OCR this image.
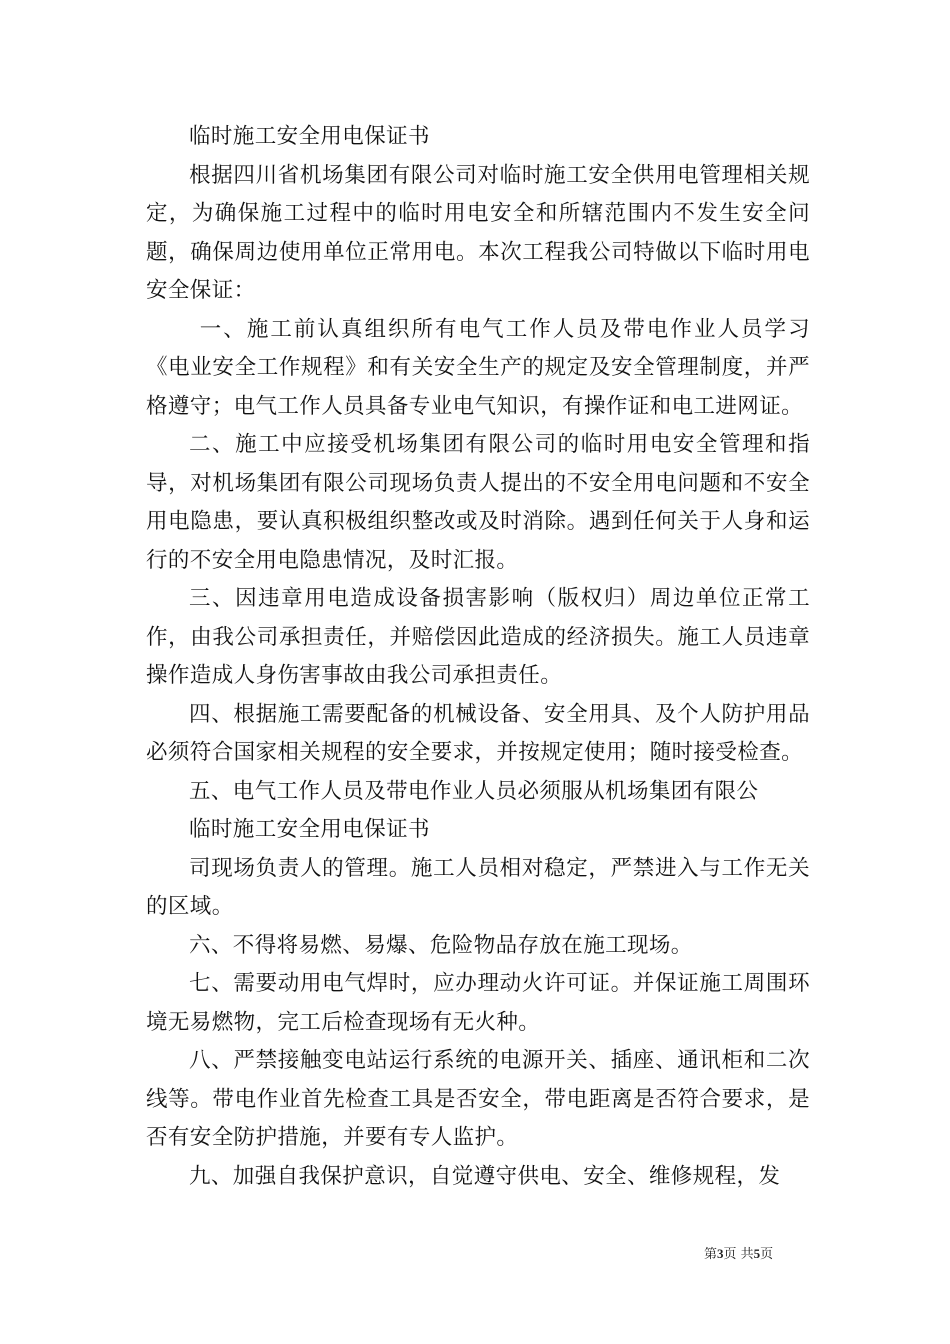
临时施工安全用电保证书

根据四川省机场集团有限公司对临时施工安全供用电管理相关规定，为确保施工过程中的临时用电安全和所辖范围内不发生安全问题，确保周边使用单位正常用电。本次工程我公司特做以下临时用电安全保证：

一、施工前认真组织所有电气工作人员及带电作业人员学习《电业安全工作规程》和有关安全生产的规定及安全管理制度，并严格遵守；电气工作人员具备专业电气知识，有操作证和电工进网证。

二、施工中应接受机场集团有限公司的临时用电安全管理和指导，对机场集团有限公司现场负责人提出的不安全用电问题和不安全用电隐患，要认真积极组织整改或及时消除。遇到任何关于人身和运行的不安全用电隐患情况，及时汇报。

三、因违章用电造成设备损害影响（版权归）周边单位正常工作，由我公司承担责任，并赔偿因此造成的经济损失。施工人员违章操作造成人身伤害事故由我公司承担责任。

四、根据施工需要配备的机械设备、安全用具、及个人防护用品必须符合国家相关规程的安全要求，并按规定使用；随时接受检查。

五、电气工作人员及带电作业人员必须服从机场集团有限公

临时施工安全用电保证书

司现场负责人的管理。施工人员相对稳定，严禁进入与工作无关的区域。

六、不得将易燃、易爆、危险物品存放在施工现场。

七、需要动用电气焊时，应办理动火许可证。并保证施工周围环境无易燃物，完工后检查现场有无火种。

八、严禁接触变电站运行系统的电源开关、插座、通讯柜和二次线等。带电作业首先检查工具是否安全，带电距离是否符合要求，是否有安全防护措施，并要有专人监护。

九、加强自我保护意识，自觉遵守供电、安全、维修规程，发

第3页 共5页
